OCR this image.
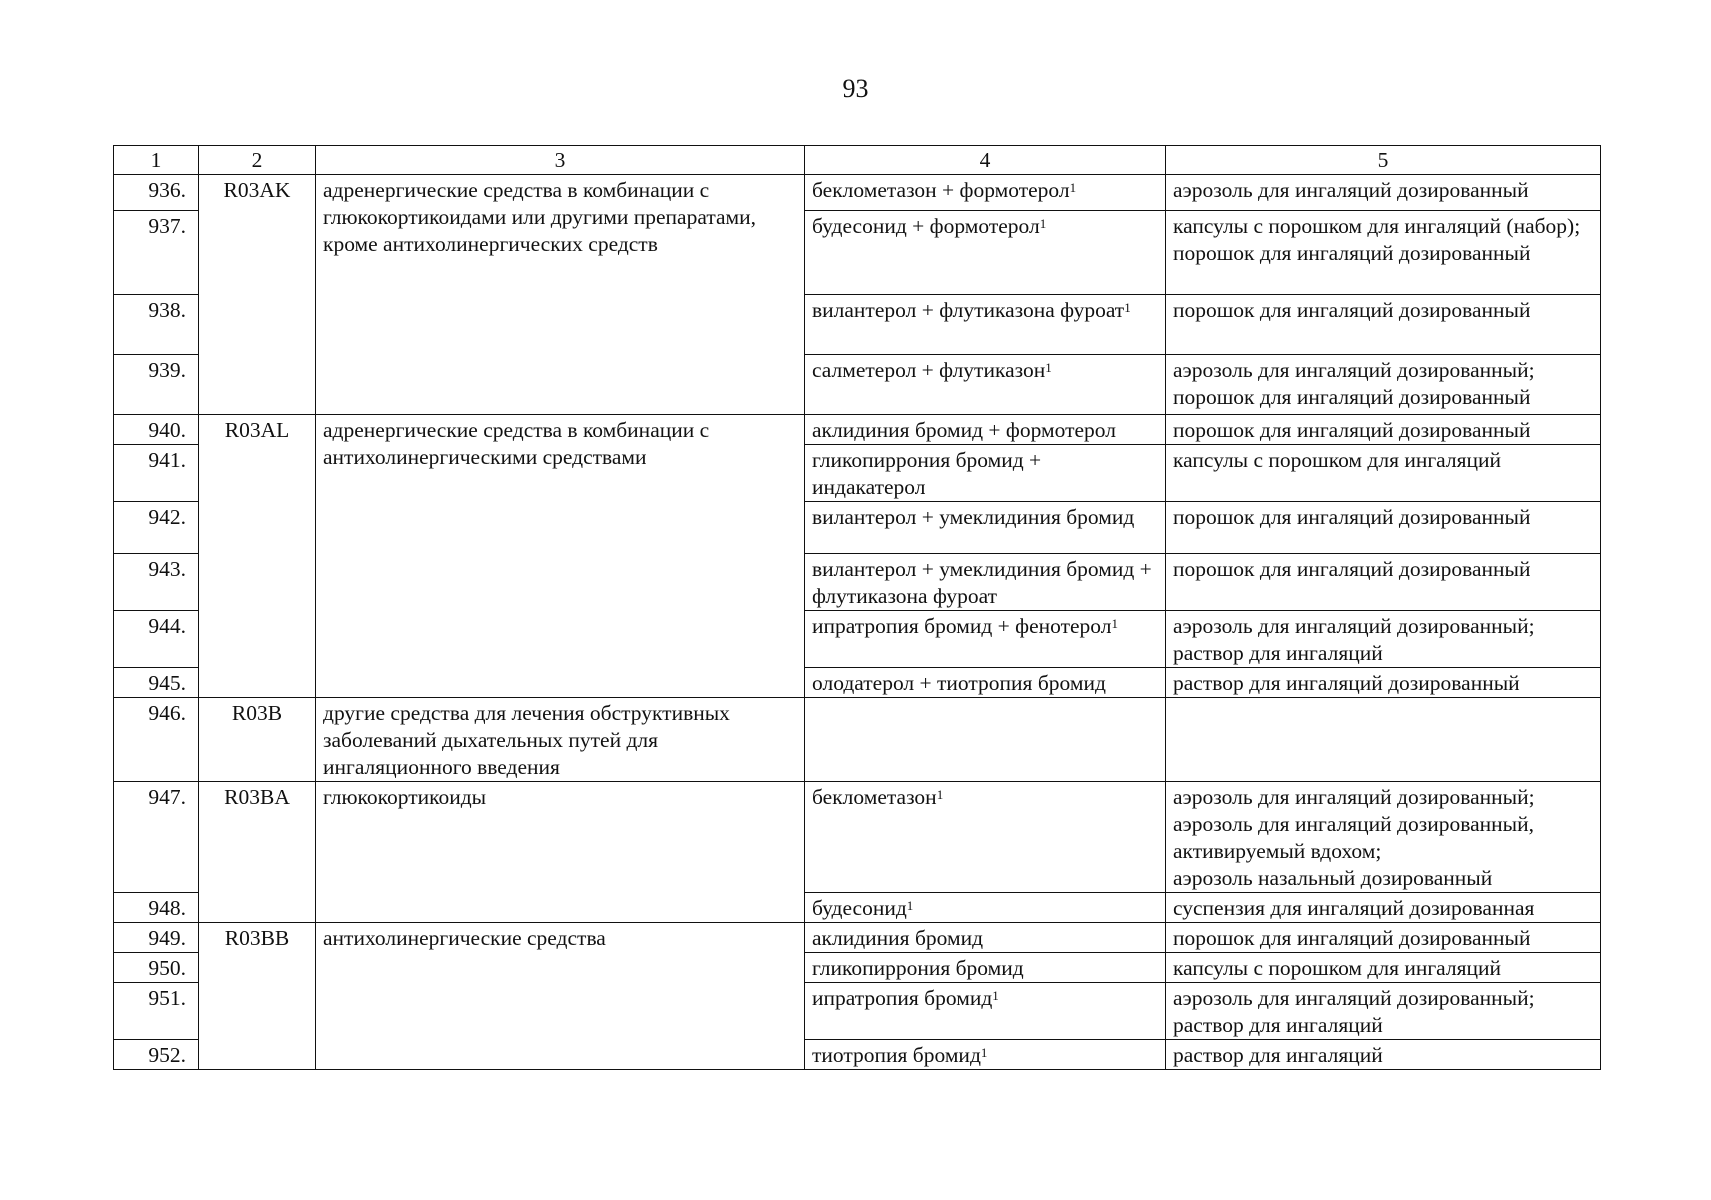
93
1	2	3	4	5
936.	R03AK	адренергические средства в комбинации с глюкокортикоидами или другими препаратами, кроме антихолинергических средств	беклометазон + формотерол$^1$	аэрозоль для ингаляций дозированный

937.			будесонид + формотерол$^1$	капсулы с порошком для ингаляций (набор);
порошок для ингаляций дозированный

938.			вилантерол + флутиказона фуроат$^1$	порошок для ингаляций дозированный

939.			салметерол + флутиказон$^1$	аэрозоль для ингаляций дозированный;
порошок для ингаляций дозированный

940.	R03AL	адренергические средства в комбинации с антихолинергическими средствами	аклидиния бромид + формотерол	порошок для ингаляций дозированный

941.			гликопиррония бромид + индакатерол	капсулы с порошком для ингаляций

942.			вилантерол + умеклидиния бромид	порошок для ингаляций дозированный

943.			вилантерол + умеклидиния бромид + флутиказона фуроат	порошок для ингаляций дозированный

944.			ипратропия бромид + фенотерол$^1$	аэрозоль для ингаляций дозированный;
раствор для ингаляций

945.			олодатерол + тиотропия бромид	раствор для ингаляций дозированный

946.	R03B	другие средства для лечения обструктивных заболеваний дыхательных путей для ингаляционного введения		
947.	R03BA	глюкокортикоиды	беклометазон$^1$	аэрозоль для ингаляций дозированный;
аэрозоль для ингаляций дозированный, активируемый вдохом;
аэрозоль назальный дозированный

948.			будесонид$^1$	суспензия для ингаляций дозированная

949.	R03BB	антихолинергические средства	аклидиния бромид	порошок для ингаляций дозированный

950.			гликопиррония бромид	капсулы с порошком для ингаляций

951.			ипратропия бромид$^1$	аэрозоль для ингаляций дозированный;
раствор для ингаляций

952.			тиотропия бромид$^1$	раствор для ингаляций
